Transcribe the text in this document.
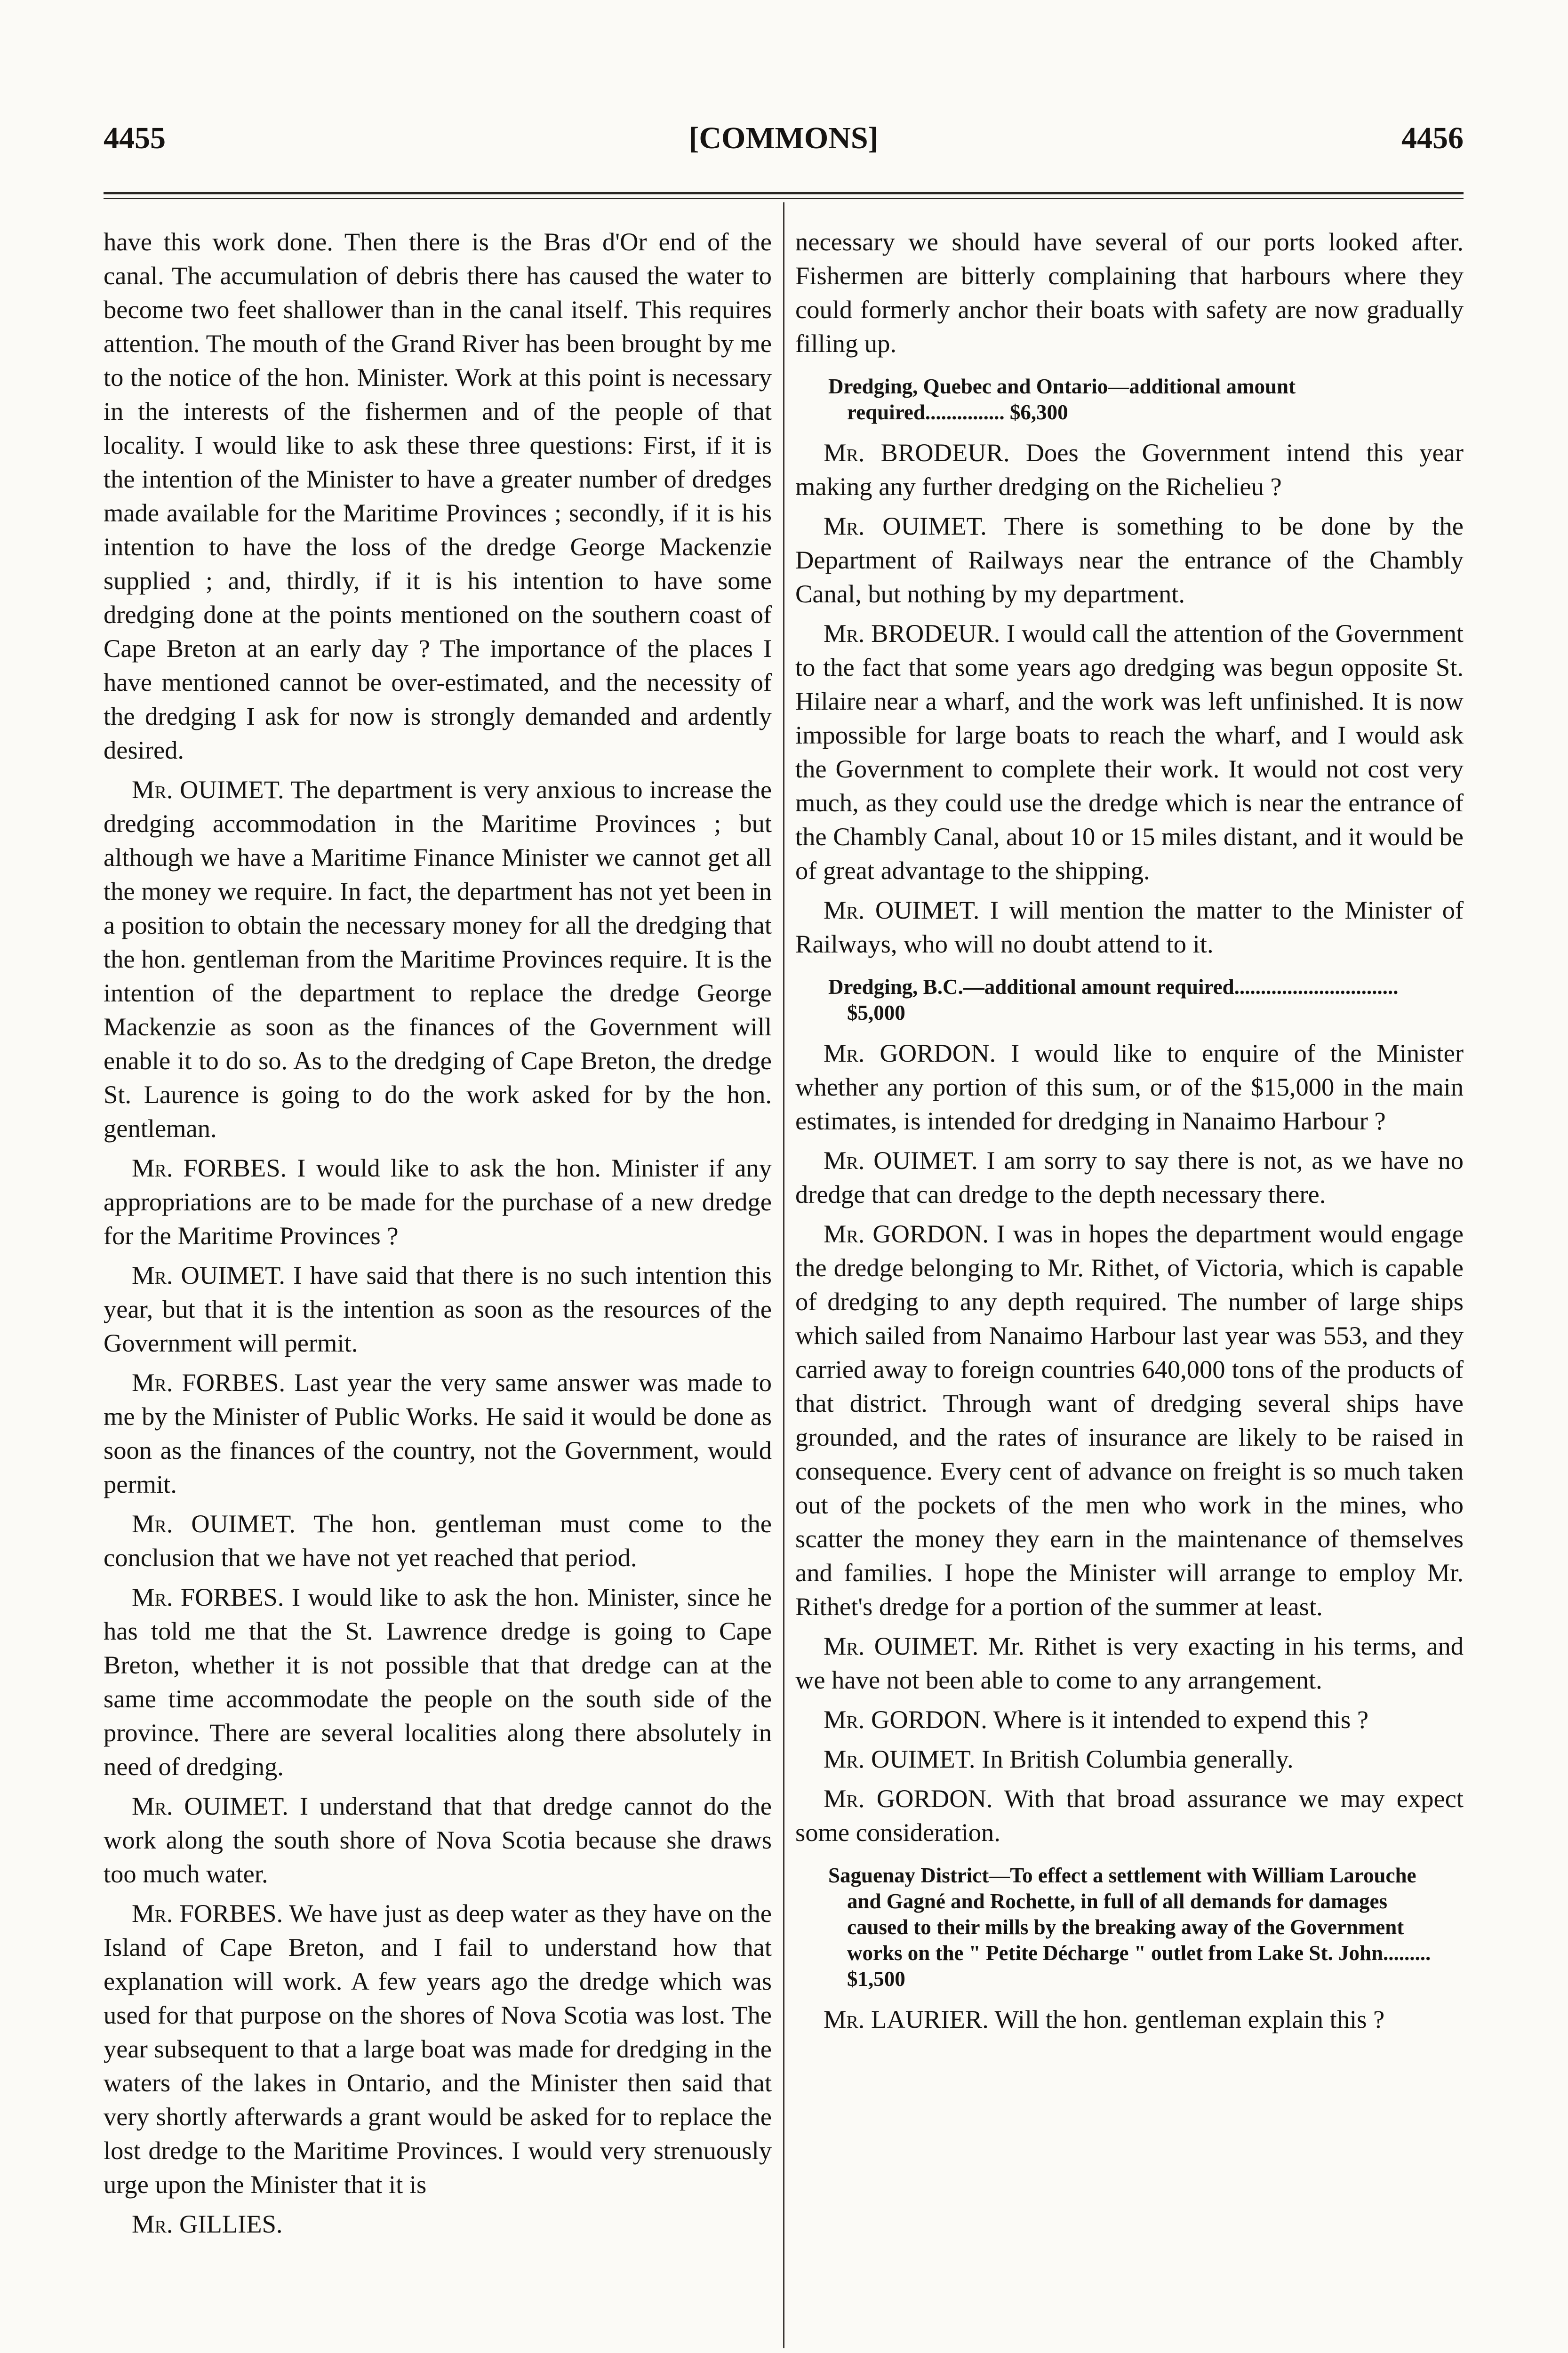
4455	[COMMONS]	4456

have this work done. Then there is the Bras d'Or end of the canal. The accumulation of debris there has caused the water to become two feet shallower than in the canal itself. This requires attention. The mouth of the Grand River has been brought by me to the notice of the hon. Minister. Work at this point is necessary in the interests of the fishermen and of the people of that locality. I would like to ask these three questions: First, if it is the intention of the Minister to have a greater number of dredges made available for the Maritime Provinces ; secondly, if it is his intention to have the loss of the dredge George Mackenzie supplied ; and, thirdly, if it is his intention to have some dredging done at the points mentioned on the southern coast of Cape Breton at an early day ? The importance of the places I have mentioned cannot be over-estimated, and the necessity of the dredging I ask for now is strongly demanded and ardently desired.

Mr. OUIMET. The department is very anxious to increase the dredging accommodation in the Maritime Provinces ; but although we have a Maritime Finance Minister we cannot get all the money we require. In fact, the department has not yet been in a position to obtain the necessary money for all the dredging that the hon. gentleman from the Maritime Provinces require. It is the intention of the department to replace the dredge George Mackenzie as soon as the finances of the Government will enable it to do so. As to the dredging of Cape Breton, the dredge St. Laurence is going to do the work asked for by the hon. gentleman.

Mr. FORBES. I would like to ask the hon. Minister if any appropriations are to be made for the purchase of a new dredge for the Maritime Provinces ?

Mr. OUIMET. I have said that there is no such intention this year, but that it is the intention as soon as the resources of the Government will permit.

Mr. FORBES. Last year the very same answer was made to me by the Minister of Public Works. He said it would be done as soon as the finances of the country, not the Government, would permit.

Mr. OUIMET. The hon. gentleman must come to the conclusion that we have not yet reached that period.

Mr. FORBES. I would like to ask the hon. Minister, since he has told me that the St. Lawrence dredge is going to Cape Breton, whether it is not possible that that dredge can at the same time accommodate the people on the south side of the province. There are several localities along there absolutely in need of dredging.

Mr. OUIMET. I understand that that dredge cannot do the work along the south shore of Nova Scotia because she draws too much water.

Mr. FORBES. We have just as deep water as they have on the Island of Cape Breton, and I fail to understand how that explanation will work. A few years ago the dredge which was used for that purpose on the shores of Nova Scotia was lost. The year subsequent to that a large boat was made for dredging in the waters of the lakes in Ontario, and the Minister then said that very shortly afterwards a grant would be asked for to replace the lost dredge to the Maritime Provinces. I would very strenuously urge upon the Minister that it is

Mr. GILLIES.

necessary we should have several of our ports looked after. Fishermen are bitterly complaining that harbours where they could formerly anchor their boats with safety are now gradually filling up.

Dredging, Quebec and Ontario—additional amount required............... $6,300

Mr. BRODEUR. Does the Government intend this year making any further dredging on the Richelieu ?

Mr. OUIMET. There is something to be done by the Department of Railways near the entrance of the Chambly Canal, but nothing by my department.

Mr. BRODEUR. I would call the attention of the Government to the fact that some years ago dredging was begun opposite St. Hilaire near a wharf, and the work was left unfinished. It is now impossible for large boats to reach the wharf, and I would ask the Government to complete their work. It would not cost very much, as they could use the dredge which is near the entrance of the Chambly Canal, about 10 or 15 miles distant, and it would be of great advantage to the shipping.

Mr. OUIMET. I will mention the matter to the Minister of Railways, who will no doubt attend to it.

Dredging, B.C.—additional amount required............................... $5,000

Mr. GORDON. I would like to enquire of the Minister whether any portion of this sum, or of the $15,000 in the main estimates, is intended for dredging in Nanaimo Harbour ?

Mr. OUIMET. I am sorry to say there is not, as we have no dredge that can dredge to the depth necessary there.

Mr. GORDON. I was in hopes the department would engage the dredge belonging to Mr. Rithet, of Victoria, which is capable of dredging to any depth required. The number of large ships which sailed from Nanaimo Harbour last year was 553, and they carried away to foreign countries 640,000 tons of the products of that district. Through want of dredging several ships have grounded, and the rates of insurance are likely to be raised in consequence. Every cent of advance on freight is so much taken out of the pockets of the men who work in the mines, who scatter the money they earn in the maintenance of themselves and families. I hope the Minister will arrange to employ Mr. Rithet's dredge for a portion of the summer at least.

Mr. OUIMET. Mr. Rithet is very exacting in his terms, and we have not been able to come to any arrangement.

Mr. GORDON. Where is it intended to expend this ?

Mr. OUIMET. In British Columbia generally.

Mr. GORDON. With that broad assurance we may expect some consideration.

Saguenay District—To effect a settlement with William Larouche and Gagné and Rochette, in full of all demands for damages caused to their mills by the breaking away of the Government works on the " Petite Décharge " outlet from Lake St. John......... $1,500

Mr. LAURIER. Will the hon. gentleman explain this ?
